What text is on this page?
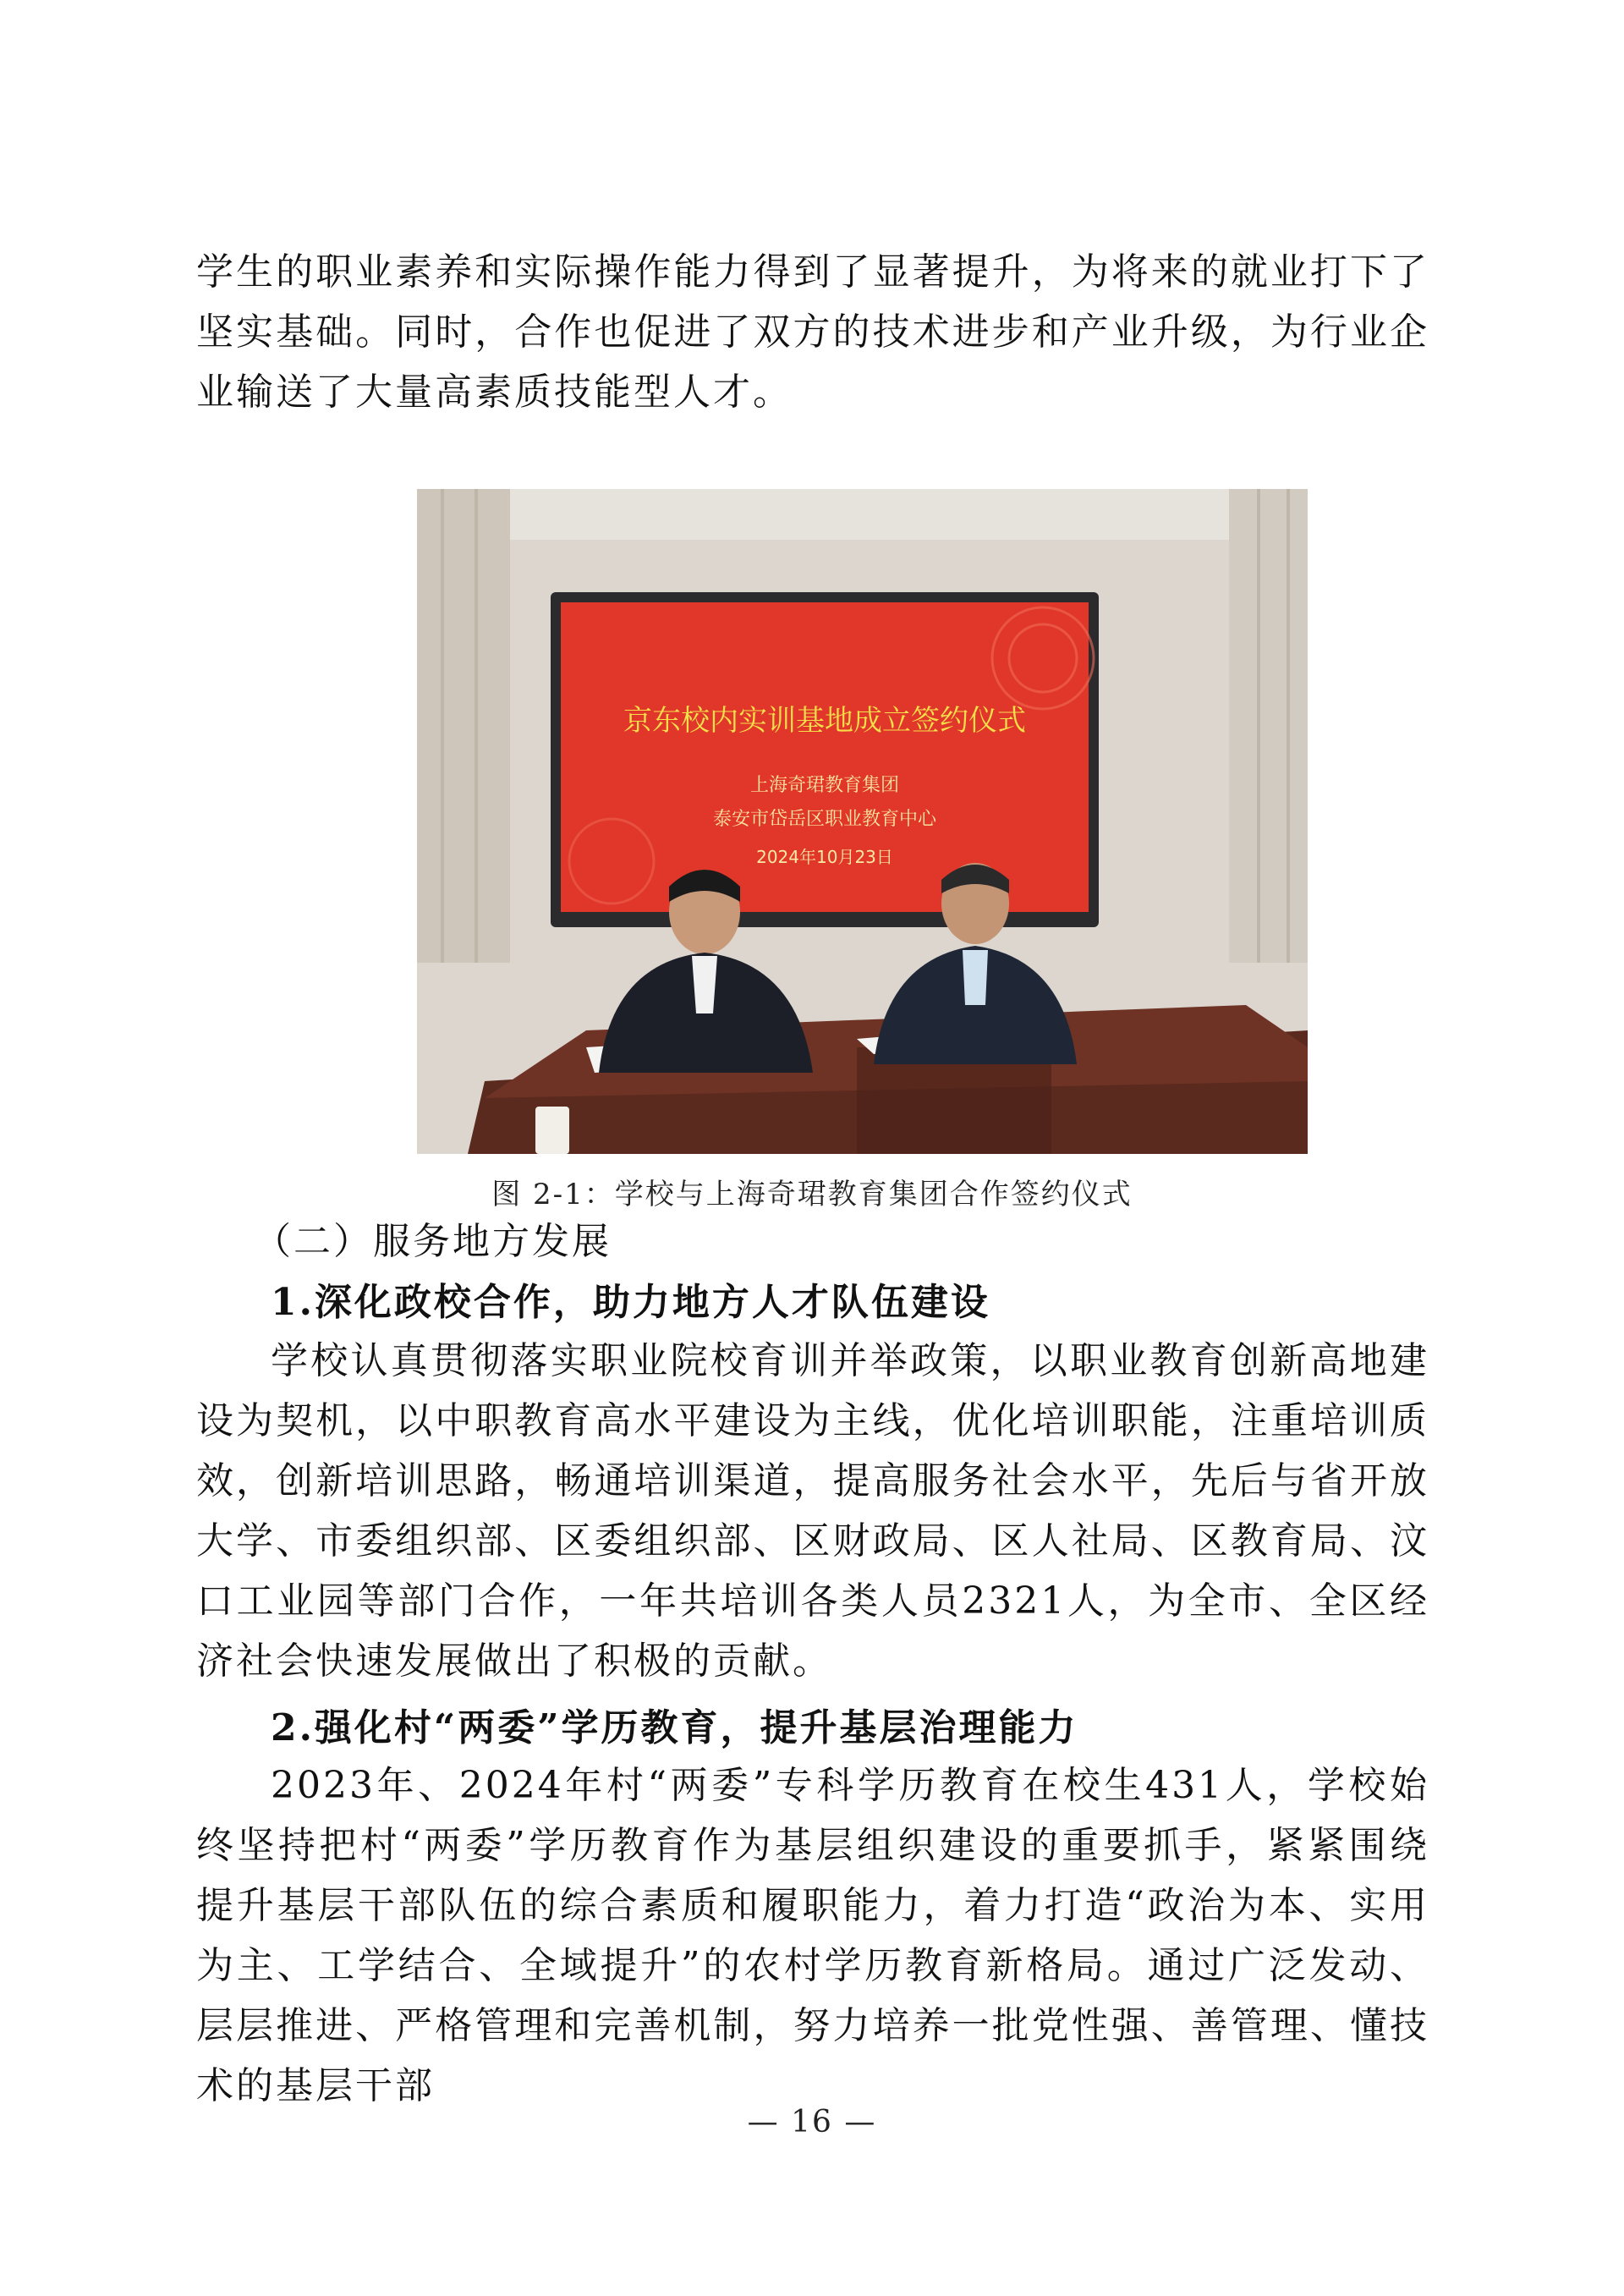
学生的职业素养和实际操作能力得到了显著提升，为将来的就业打下了坚实基础。同时，合作也促进了双方的技术进步和产业升级，为行业企业输送了大量高素质技能型人才。

京东校内实训基地成立签约仪式
上海奇珺教育集团
泰安市岱岳区职业教育中心
2024年10月23日
图 2-1：学校与上海奇珺教育集团合作签约仪式

（二）服务地方发展

1.深化政校合作，助力地方人才队伍建设

学校认真贯彻落实职业院校育训并举政策，以职业教育创新高地建设为契机，以中职教育高水平建设为主线，优化培训职能，注重培训质效，创新培训思路，畅通培训渠道，提高服务社会水平，先后与省开放大学、市委组织部、区委组织部、区财政局、区人社局、区教育局、汶口工业园等部门合作，一年共培训各类人员2321人，为全市、全区经济社会快速发展做出了积极的贡献。

2.强化村“两委”学历教育，提升基层治理能力

2023年、2024年村“两委”专科学历教育在校生431人，学校始终坚持把村“两委”学历教育作为基层组织建设的重要抓手，紧紧围绕提升基层干部队伍的综合素质和履职能力，着力打造“政治为本、实用为主、工学结合、全域提升”的农村学历教育新格局。通过广泛发动、层层推进、严格管理和完善机制，努力培养一批党性强、善管理、懂技术的基层干部

— 16 —
